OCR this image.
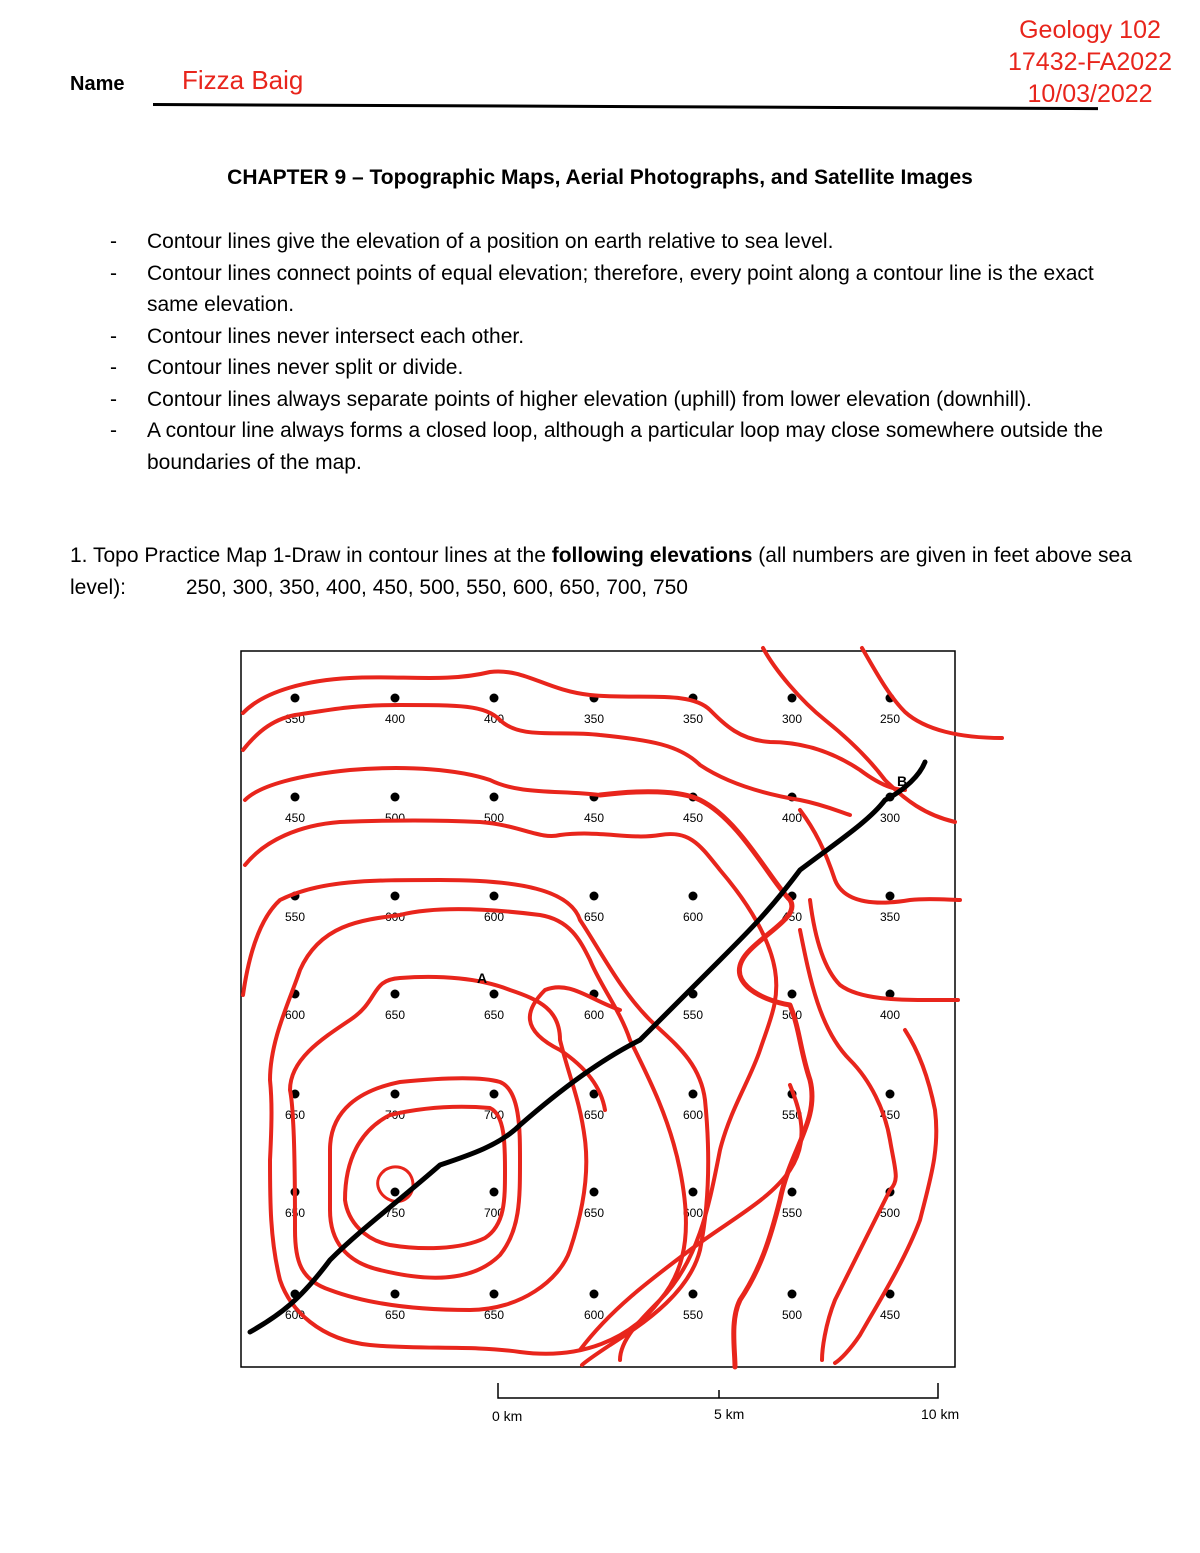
Geology 102
17432-FA2022
10/03/2022
Name Fizza Baig
CHAPTER 9 – Topographic Maps, Aerial Photographs, and Satellite Images
- Contour lines give the elevation of a position on earth relative to sea level.
- Contour lines connect points of equal elevation; therefore, every point along a contour line is the exact same elevation.
- Contour lines never intersect each other.
- Contour lines never split or divide.
- Contour lines always separate points of higher elevation (uphill) from lower elevation (downhill).
- A contour line always forms a closed loop, although a particular loop may close somewhere outside the boundaries of the map.
1. Topo Practice Map 1-Draw in contour lines at the following elevations (all numbers are given in feet above sea level):	250, 300, 350, 400, 450, 500, 550, 600, 650, 700, 750
350	400	400	350	350	300	250
450	500	500	450	450	400	300
550	600	600	650	600	450	350
600	650	650	600	550	500	400
650	700	700	650	600	550	450
650	750	700	650	600	550	500
600	650	650	600	550	500	450
A
B
0 km	5 km	10 km
